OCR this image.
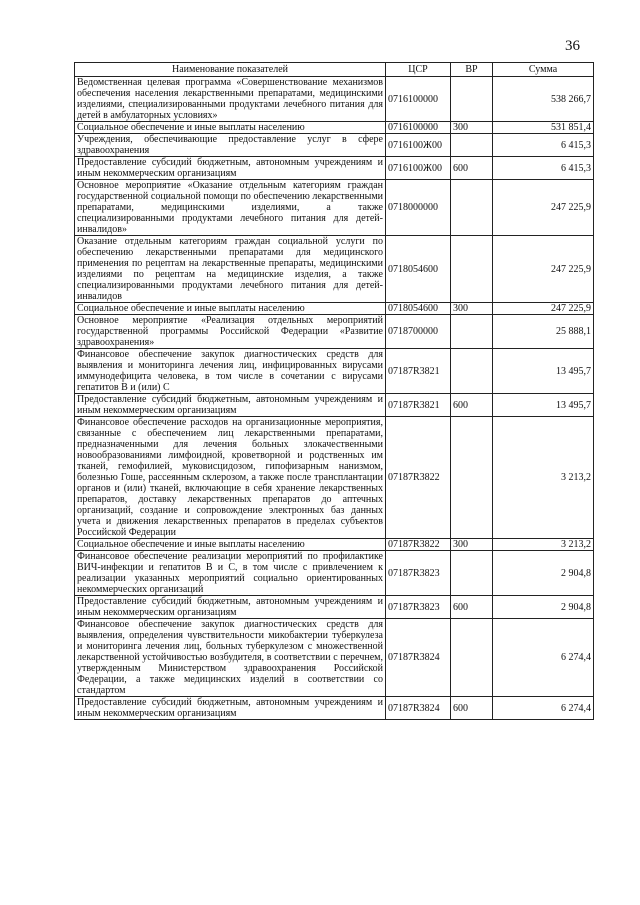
36
Наименование показателей	ЦСР	ВР	Сумма
Ведомственная целевая программа «Совершенствование механизмов обеспечения населения лекарственными препаратами, медицинскими изделиями, специализированными продуктами лечебного питания для детей в амбулаторных условиях»	0716100000		538 266,7
Социальное обеспечение и иные выплаты населению	0716100000	300	531 851,4
Учреждения, обеспечивающие предоставление услуг в сфере здравоохранения	0716100Ж00		6 415,3
Предоставление субсидий бюджетным, автономным учреждениям и иным некоммерческим организациям	0716100Ж00	600	6 415,3
Основное мероприятие «Оказание отдельным категориям граждан государственной социальной помощи по обеспечению лекарственными препаратами, медицинскими изделиями, а также специализированными продуктами лечебного питания для детей-инвалидов»	0718000000		247 225,9
Оказание отдельным категориям граждан социальной услуги по обеспечению лекарственными препаратами для медицинского применения по рецептам на лекарственные препараты, медицинскими изделиями по рецептам на медицинские изделия, а также специализированными продуктами лечебного питания для детей-инвалидов	0718054600		247 225,9
Социальное обеспечение и иные выплаты населению	0718054600	300	247 225,9
Основное мероприятие «Реализация отдельных мероприятий государственной программы Российской Федерации «Развитие здравоохранения»	0718700000		25 888,1
Финансовое обеспечение закупок диагностических средств для выявления и мониторинга лечения лиц, инфицированных вирусами иммунодефицита человека, в том числе в сочетании с вирусами гепатитов В и (или) С	07187R3821		13 495,7
Предоставление субсидий бюджетным, автономным учреждениям и иным некоммерческим организациям	07187R3821	600	13 495,7
Финансовое обеспечение расходов на организационные мероприятия, связанные с обеспечением лиц лекарственными препаратами, предназначенными для лечения больных злокачественными новообразованиями лимфоидной, кроветворной и родственных им тканей, гемофилией, муковисцидозом, гипофизарным нанизмом, болезнью Гоше, рассеянным склерозом, а также после трансплантации органов и (или) тканей, включающие в себя хранение лекарственных препаратов, доставку лекарственных препаратов до аптечных организаций, создание и сопровождение электронных баз данных учета и движения лекарственных препаратов в пределах субъектов Российской Федерации	07187R3822		3 213,2
Социальное обеспечение и иные выплаты населению	07187R3822	300	3 213,2
Финансовое обеспечение реализации мероприятий по профилактике ВИЧ-инфекции и гепатитов В и С, в том числе с привлечением к реализации указанных мероприятий социально ориентированных некоммерческих организаций	07187R3823		2 904,8
Предоставление субсидий бюджетным, автономным учреждениям и иным некоммерческим организациям	07187R3823	600	2 904,8
Финансовое обеспечение закупок диагностических средств для выявления, определения чувствительности микобактерии туберкулеза и мониторинга лечения лиц, больных туберкулезом с множественной лекарственной устойчивостью возбудителя, в соответствии с перечнем, утвержденным Министерством здравоохранения Российской Федерации, а также медицинских изделий в соответствии со стандартом	07187R3824		6 274,4
Предоставление субсидий бюджетным, автономным учреждениям и иным некоммерческим организациям	07187R3824	600	6 274,4
